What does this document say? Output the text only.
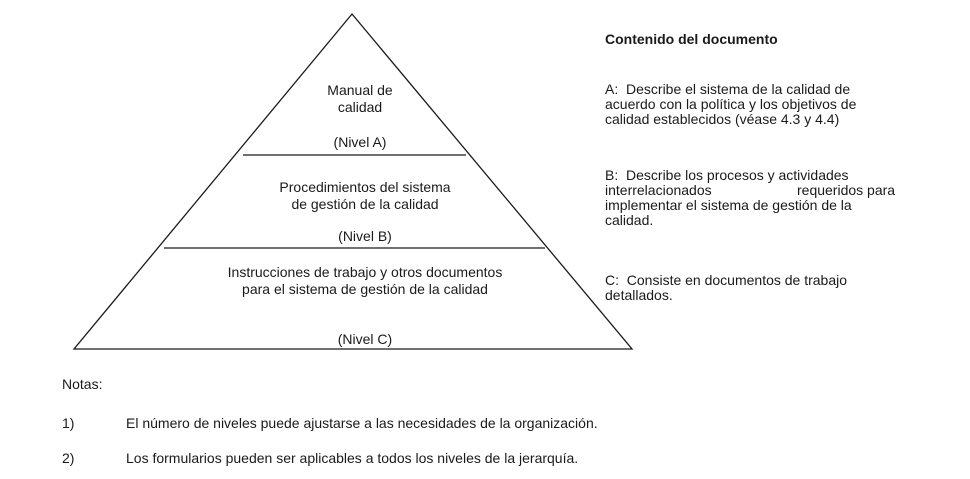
Manual de
calidad
(Nivel A)
Procedimientos del sistema
de gestión de la calidad
(Nivel B)
Instrucciones de trabajo y otros documentos
para el sistema de gestión de la calidad
(Nivel C)
Contenido del documento
A:  Describe el sistema de la calidad de
acuerdo con la política y los objetivos de
calidad establecidos (véase 4.3 y 4.4)
B:  Describe los procesos y actividades
interrelacionados	requeridos para
implementar el sistema de gestión de la
calidad.
C:  Consiste en documentos de trabajo
detallados.
Notas:
1)	El número de niveles puede ajustarse a las necesidades de la organización.
2)	Los formularios pueden ser aplicables a todos los niveles de la jerarquía.
